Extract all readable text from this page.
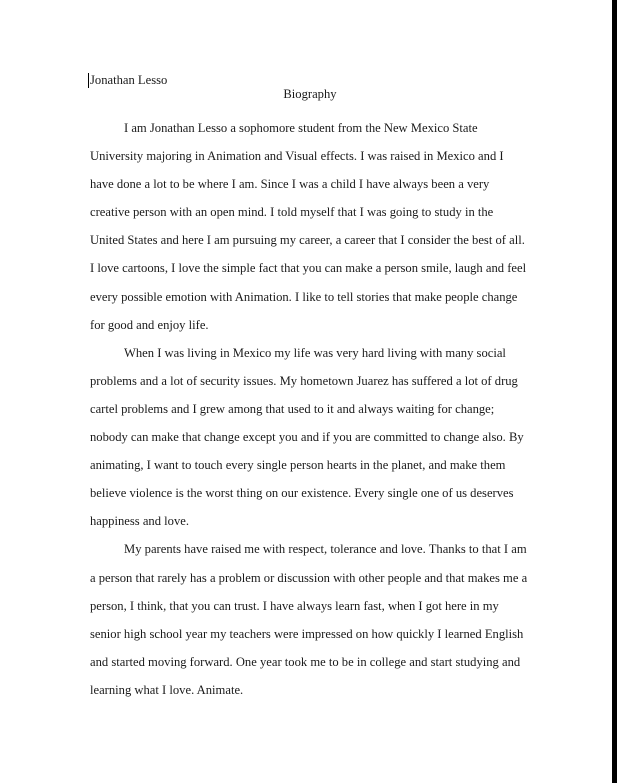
Jonathan Lesso
Biography

I am Jonathan Lesso a sophomore student from the New Mexico State University majoring in Animation and Visual effects. I was raised in Mexico and I have done a lot to be where I am. Since I was a child I have always been a very creative person with an open mind. I told myself that I was going to study in the United States and here I am pursuing my career, a career that I consider the best of all. I love cartoons, I love the simple fact that you can make a person smile, laugh and feel every possible emotion with Animation. I like to tell stories that make people change for good and enjoy life.

When I was living in Mexico my life was very hard living with many social problems and a lot of security issues. My hometown Juarez has suffered a lot of drug cartel problems and I grew among that used to it and always waiting for change; nobody can make that change except you and if you are committed to change also. By animating, I want to touch every single person hearts in the planet, and make them believe violence is the worst thing on our existence. Every single one of us deserves happiness and love.

My parents have raised me with respect, tolerance and love. Thanks to that I am a person that rarely has a problem or discussion with other people and that makes me a person, I think, that you can trust. I have always learn fast, when I got here in my senior high school year my teachers were impressed on how quickly I learned English and started moving forward. One year took me to be in college and start studying and learning what I love. Animate.
